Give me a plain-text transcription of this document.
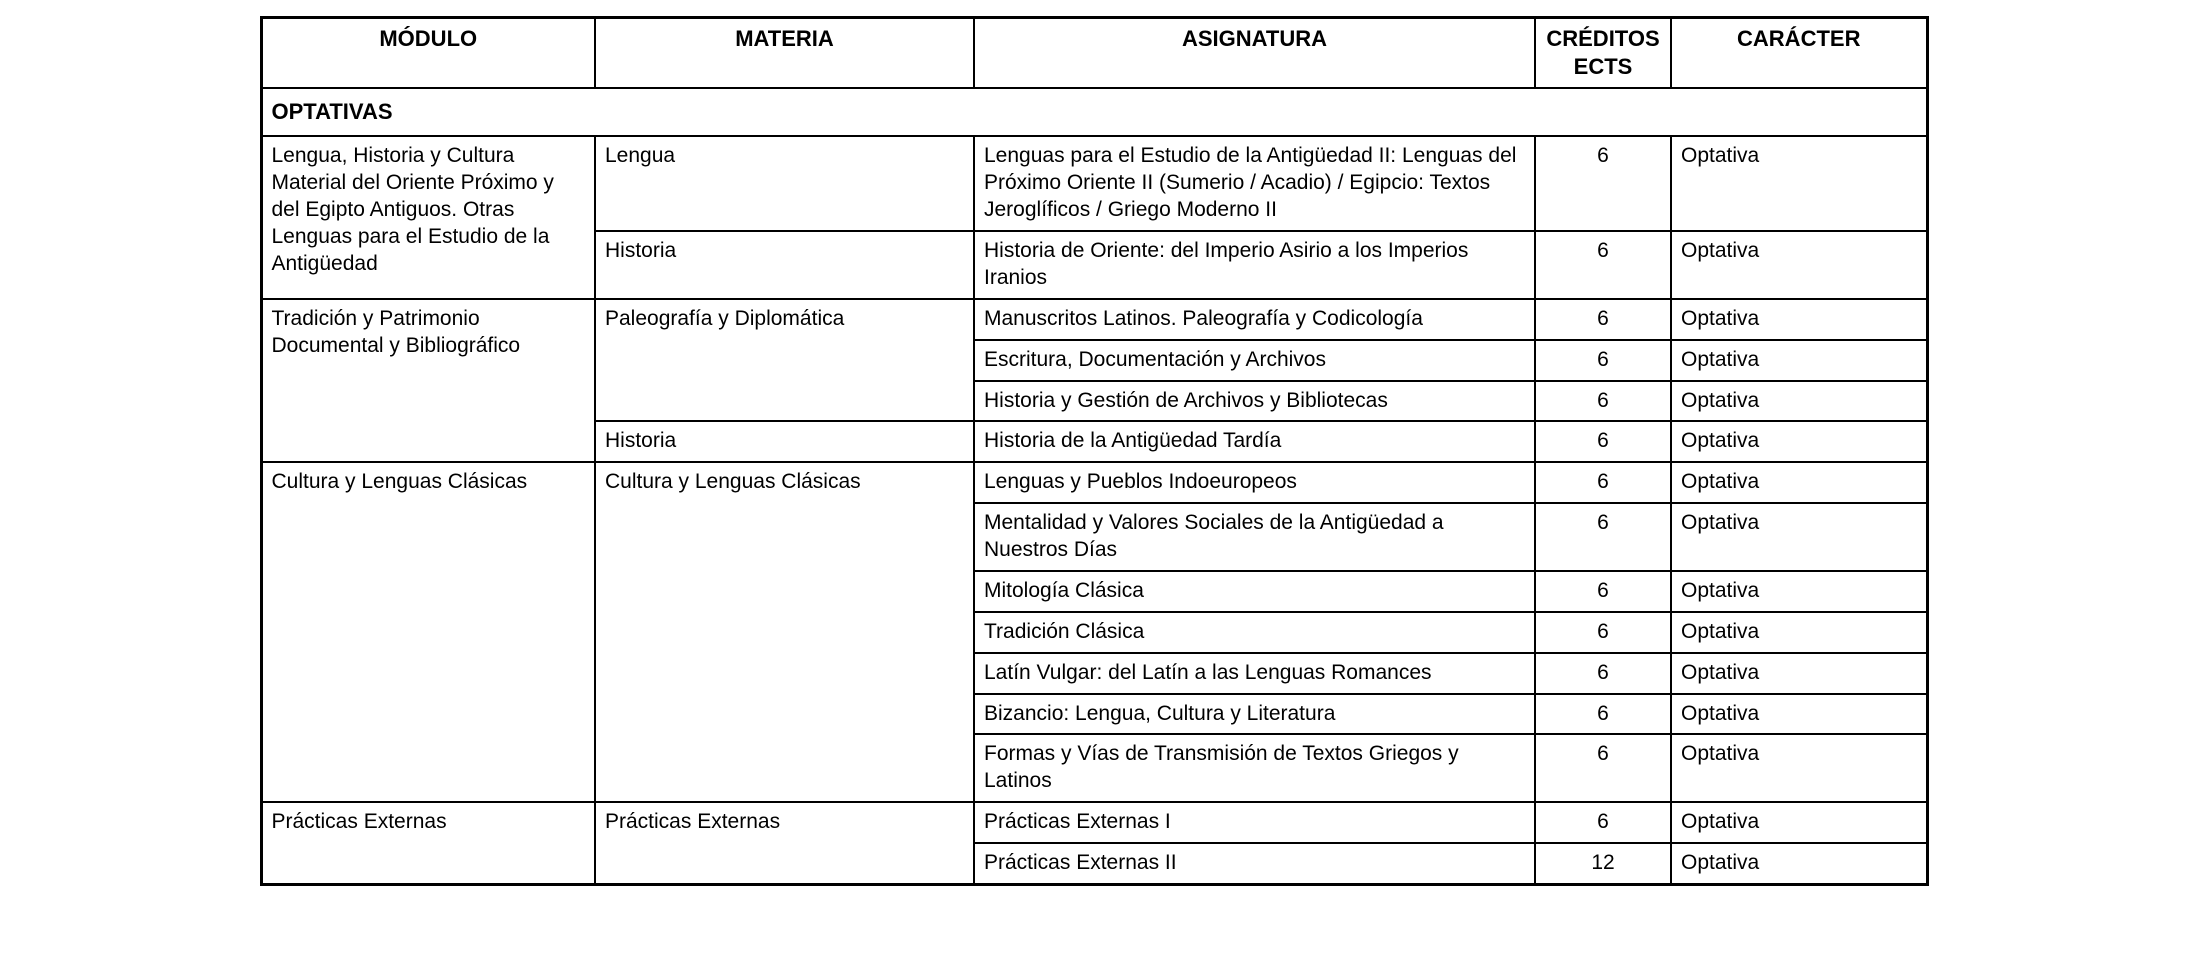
MÓDULO	MATERIA	ASIGNATURA	CRÉDITOS ECTS	CARÁCTER
OPTATIVAS				
Lengua, Historia y Cultura Material del Oriente Próximo y del Egipto Antiguos. Otras Lenguas para el Estudio de la Antigüedad	Lengua	Lenguas para el Estudio de la Antigüedad II: Lenguas del Próximo Oriente II (Sumerio / Acadio) / Egipcio: Textos Jeroglíficos / Griego Moderno II	6	Optativa
	Historia	Historia de Oriente: del Imperio Asirio a los Imperios Iranios	6	Optativa
Tradición y Patrimonio Documental y Bibliográfico	Paleografía y Diplomática	Manuscritos Latinos. Paleografía y Codicología	6	Optativa
		Escritura, Documentación y Archivos	6	Optativa
		Historia y Gestión de Archivos y Bibliotecas	6	Optativa
	Historia	Historia de la Antigüedad Tardía	6	Optativa
Cultura y Lenguas Clásicas	Cultura y Lenguas Clásicas	Lenguas y Pueblos Indoeuropeos	6	Optativa
		Mentalidad y Valores Sociales de la Antigüedad a Nuestros Días	6	Optativa
		Mitología Clásica	6	Optativa
		Tradición Clásica	6	Optativa
		Latín Vulgar: del Latín a las Lenguas Romances	6	Optativa
		Bizancio: Lengua, Cultura y Literatura	6	Optativa
		Formas y Vías de Transmisión de Textos Griegos y Latinos	6	Optativa
Prácticas Externas	Prácticas Externas	Prácticas Externas I	6	Optativa
		Prácticas Externas II	12	Optativa
